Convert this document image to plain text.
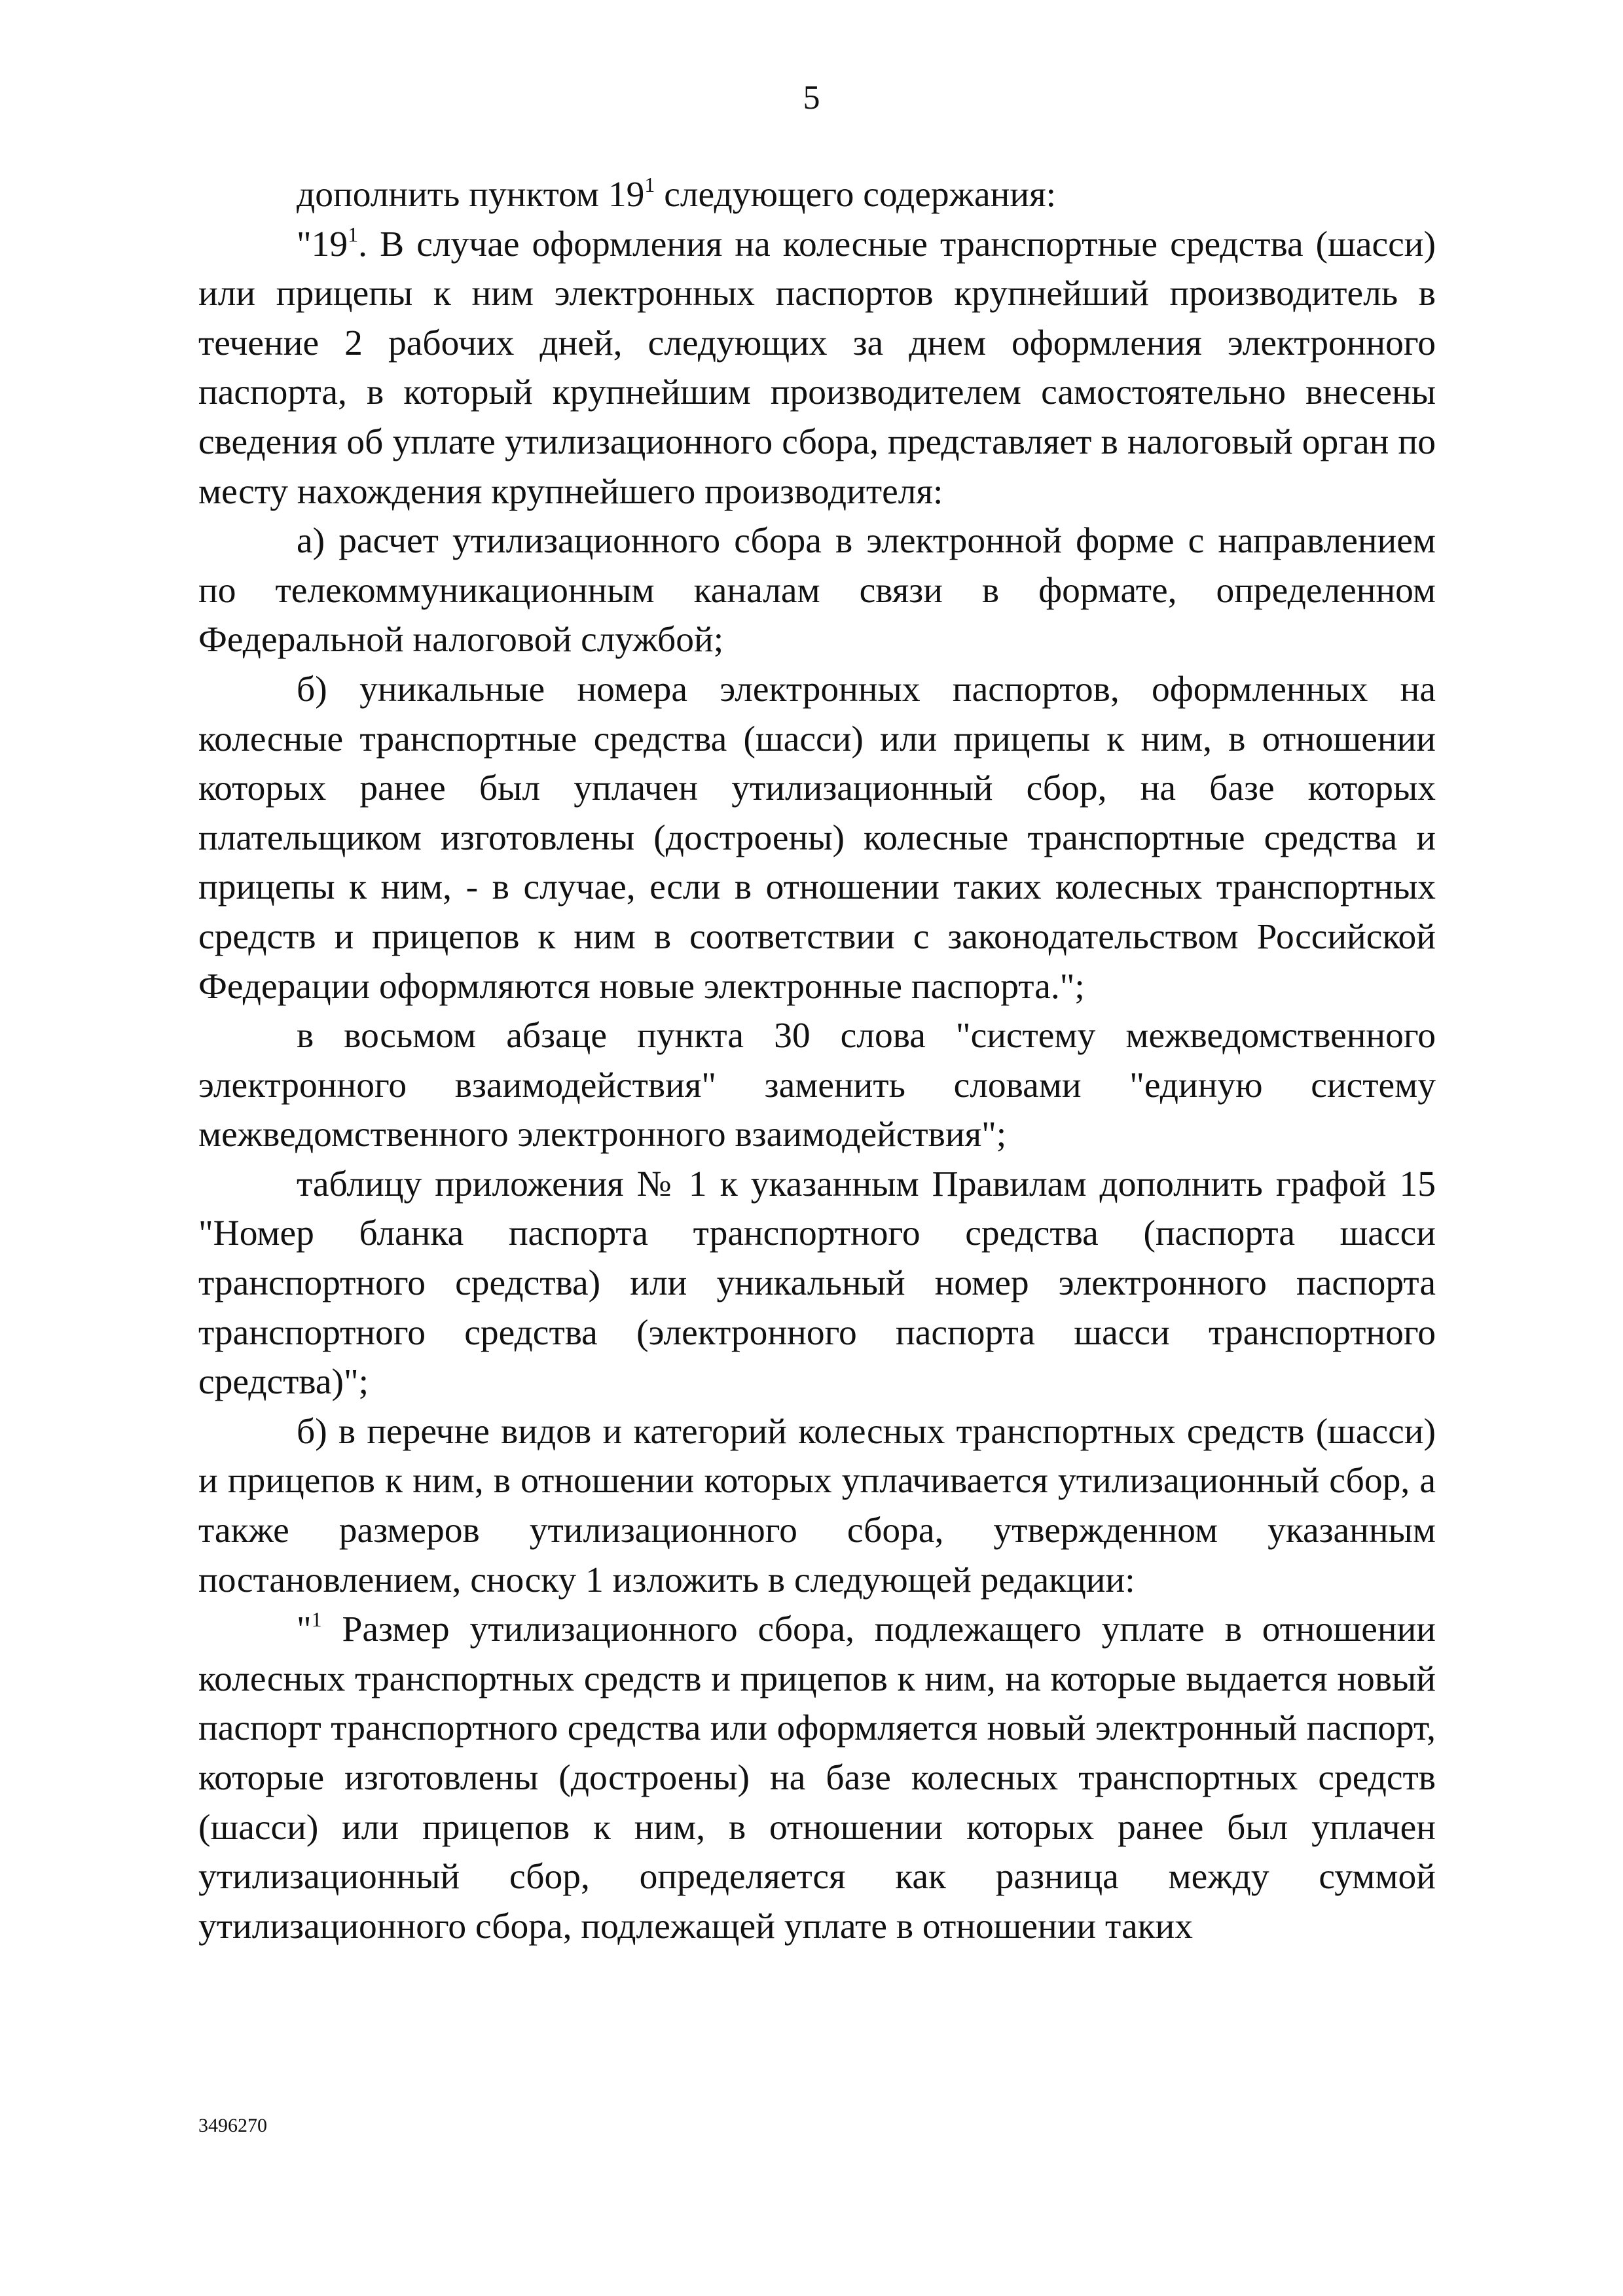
5

дополнить пунктом $19^1$ следующего содержания:

"$19^1$. В случае оформления на колесные транспортные средства (шасси) или прицепы к ним электронных паспортов крупнейший производитель в течение 2 рабочих дней, следующих за днем оформления электронного паспорта, в который крупнейшим производителем самостоятельно внесены сведения об уплате утилизационного сбора, представляет в налоговый орган по месту нахождения крупнейшего производителя:

а) расчет утилизационного сбора в электронной форме с направлением по телекоммуникационным каналам связи в формате, определенном Федеральной налоговой службой;

б) уникальные номера электронных паспортов, оформленных на колесные транспортные средства (шасси) или прицепы к ним, в отношении которых ранее был уплачен утилизационный сбор, на базе которых плательщиком изготовлены (достроены) колесные транспортные средства и прицепы к ним, - в случае, если в отношении таких колесных транспортных средств и прицепов к ним в соответствии с законодательством Российской Федерации оформляются новые электронные паспорта.";

в восьмом абзаце пункта 30 слова "систему межведомственного электронного взаимодействия" заменить словами "единую систему межведомственного электронного взаимодействия";

таблицу приложения № 1 к указанным Правилам дополнить графой 15 "Номер бланка паспорта транспортного средства (паспорта шасси транспортного средства) или уникальный номер электронного паспорта транспортного средства (электронного паспорта шасси транспортного средства)";

б) в перечне видов и категорий колесных транспортных средств (шасси) и прицепов к ним, в отношении которых уплачивается утилизационный сбор, а также размеров утилизационного сбора, утвержденном указанным постановлением, сноску 1 изложить в следующей редакции:

"$^1$ Размер утилизационного сбора, подлежащего уплате в отношении колесных транспортных средств и прицепов к ним, на которые выдается новый паспорт транспортного средства или оформляется новый электронный паспорт, которые изготовлены (достроены) на базе колесных транспортных средств (шасси) или прицепов к ним, в отношении которых ранее был уплачен утилизационный сбор, определяется как разница между суммой утилизационного сбора, подлежащей уплате в отношении таких

3496270
